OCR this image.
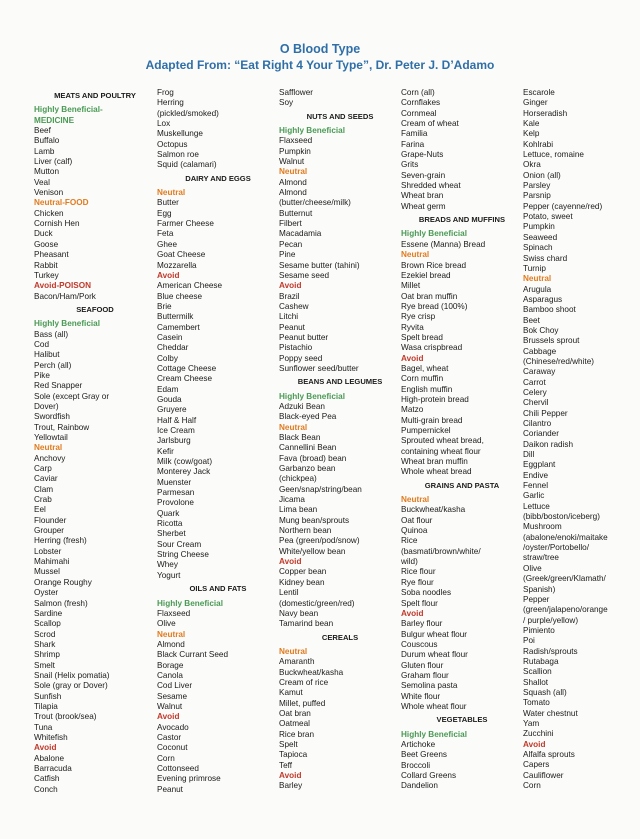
O Blood Type
Adapted From: “Eat Right 4 Your Type”, Dr. Peter J. D’Adamo
MEATS AND POULTRY
Highly Beneficial-
MEDICINE
Beef
Buffalo
Lamb
Liver (calf)
Mutton
Veal
Venison
Neutral-FOOD
Chicken
Cornish Hen
Duck
Goose
Pheasant
Rabbit
Turkey
Avoid-POISON
Bacon/Ham/Pork
SEAFOOD
Highly Beneficial
Bass (all)
Cod
Halibut
Perch (all)
Pike
Red Snapper
Sole (except Gray or
Dover)
Swordfish
Trout, Rainbow
Yellowtail
Neutral
Anchovy
Carp
Caviar
Clam
Crab
Eel
Flounder
Grouper
Herring (fresh)
Lobster
Mahimahi
Mussel
Orange Roughy
Oyster
Salmon (fresh)
Sardine
Scallop
Scrod
Shark
Shrimp
Smelt
Snail (Helix pomatia)
Sole (gray or Dover)
Sunfish
Tilapia
Trout (brook/sea)
Tuna
Whitefish
Avoid
Abalone
Barracuda
Catfish
Conch
Frog
Herring
(pickled/smoked)
Lox
Muskellunge
Octopus
Salmon roe
Squid (calamari)
DAIRY AND EGGS
Neutral
Butter
Egg
Farmer Cheese
Feta
Ghee
Goat Cheese
Mozzarella
Avoid
American Cheese
Blue cheese
Brie
Buttermilk
Camembert
Casein
Cheddar
Colby
Cottage Cheese
Cream Cheese
Edam
Gouda
Gruyere
Half & Half
Ice Cream
Jarlsburg
Kefir
Milk (cow/goat)
Monterey Jack
Muenster
Parmesan
Provolone
Quark
Ricotta
Sherbet
Sour Cream
String Cheese
Whey
Yogurt
OILS AND FATS
Highly Beneficial
Flaxseed
Olive
Neutral
Almond
Black Currant Seed
Borage
Canola
Cod Liver
Sesame
Walnut
Avoid
Avocado
Castor
Coconut
Corn
Cottonseed
Evening primrose
Peanut
Safflower
Soy
NUTS AND SEEDS
Highly Beneficial
Flaxseed
Pumpkin
Walnut
Neutral
Almond
Almond
(butter/cheese/milk)
Butternut
Filbert
Macadamia
Pecan
Pine
Sesame butter (tahini)
Sesame seed
Avoid
Brazil
Cashew
Litchi
Peanut
Peanut butter
Pistachio
Poppy seed
Sunflower seed/butter
BEANS AND LEGUMES
Highly Beneficial
Adzuki Bean
Black-eyed Pea
Neutral
Black Bean
Cannellini Bean
Fava (broad) bean
Garbanzo bean
(chickpea)
Geen/snap/string/bean
Jicama
Lima bean
Mung bean/sprouts
Northern bean
Pea (green/pod/snow)
White/yellow bean
Avoid
Copper bean
Kidney bean
Lentil
(domestic/green/red)
Navy bean
Tamarind bean
CEREALS
Neutral
Amaranth
Buckwheat/kasha
Cream of rice
Kamut
Millet, puffed
Oat bran
Oatmeal
Rice bran
Spelt
Tapioca
Teff
Avoid
Barley
Corn (all)
Cornflakes
Cornmeal
Cream of wheat
Familia
Farina
Grape-Nuts
Grits
Seven-grain
Shredded wheat
Wheat bran
Wheat germ
BREADS AND MUFFINS
Highly Beneficial
Essene (Manna) Bread
Neutral
Brown Rice bread
Ezekiel bread
Millet
Oat bran muffin
Rye bread (100%)
Rye crisp
Ryvita
Spelt bread
Wasa crispbread
Avoid
Bagel, wheat
Corn muffin
English muffin
High-protein bread
Matzo
Multi-grain bread
Pumpernickel
Sprouted wheat bread,
containing wheat flour
Wheat bran muffin
Whole wheat bread
GRAINS AND PASTA
Neutral
Buckwheat/kasha
Oat flour
Quinoa
Rice
(basmati/brown/white/
wild)
Rice flour
Rye flour
Soba noodles
Spelt flour
Avoid
Barley flour
Bulgur wheat flour
Couscous
Durum wheat flour
Gluten flour
Graham flour
Semolina pasta
White flour
Whole wheat flour
VEGETABLES
Highly Beneficial
Artichoke
Beet Greens
Broccoli
Collard Greens
Dandelion
Escarole
Ginger
Horseradish
Kale
Kelp
Kohlrabi
Lettuce, romaine
Okra
Onion (all)
Parsley
Parsnip
Pepper (cayenne/red)
Potato, sweet
Pumpkin
Seaweed
Spinach
Swiss chard
Turnip
Neutral
Arugula
Asparagus
Bamboo shoot
Beet
Bok Choy
Brussels sprout
Cabbage
(Chinese/red/white)
Caraway
Carrot
Celery
Chervil
Chili Pepper
Cilantro
Coriander
Daikon radish
Dill
Eggplant
Endive
Fennel
Garlic
Lettuce
(bibb/boston/iceberg)
Mushroom
(abalone/enoki/maitake
/oyster/Portobello/
straw/tree
Olive
(Greek/green/Klamath/
Spanish)
Pepper
(green/jalapeno/orange
/ purple/yellow)
Pimiento
Poi
Radish/sprouts
Rutabaga
Scallion
Shallot
Squash (all)
Tomato
Water chestnut
Yam
Zucchini
Avoid
Alfalfa sprouts
Capers
Cauliflower
Corn
